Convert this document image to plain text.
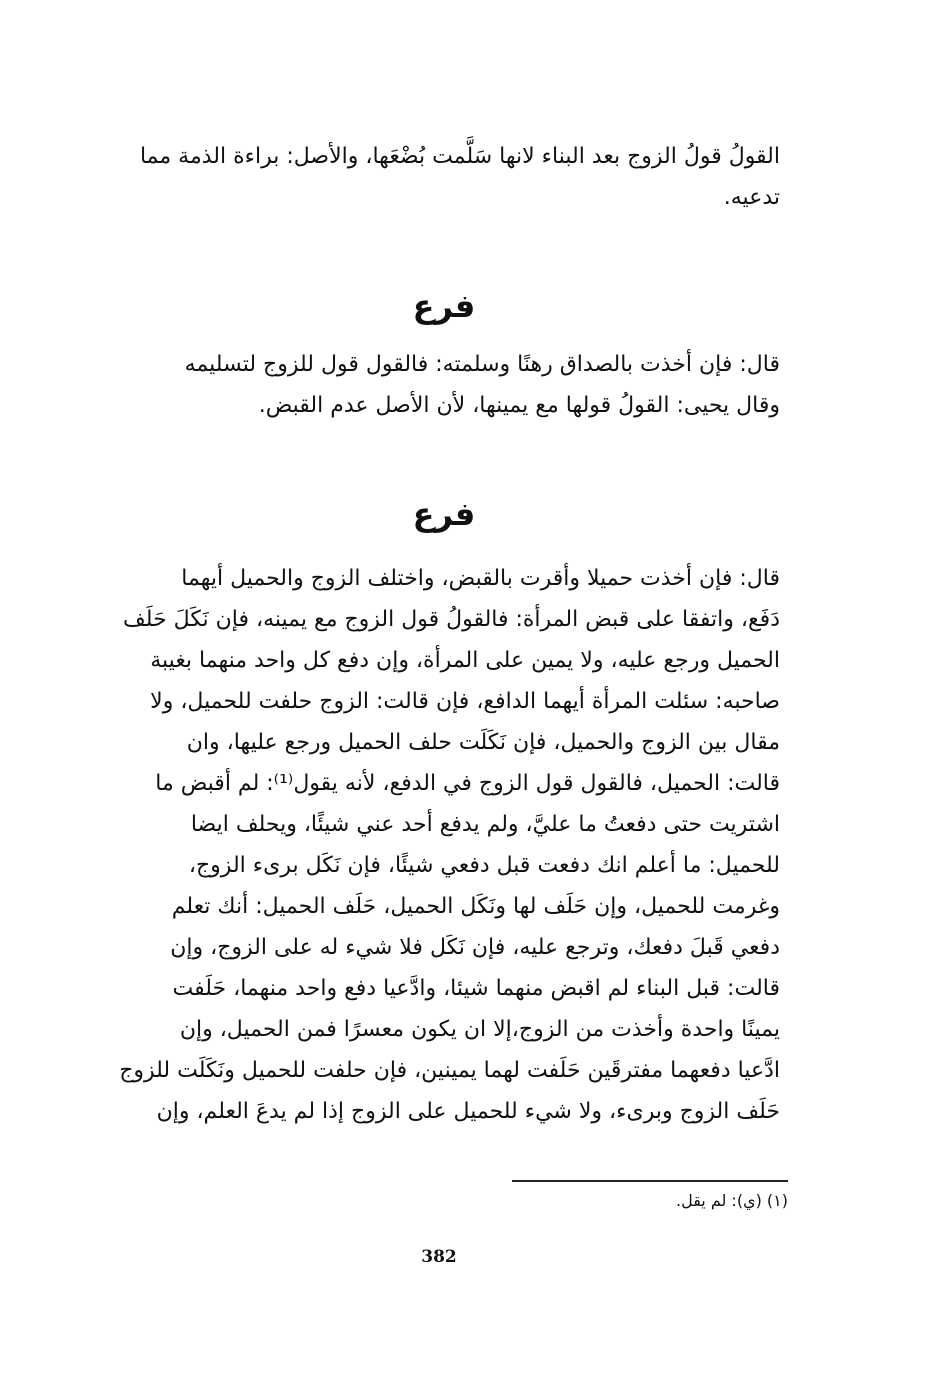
القولُ قولُ الزوج بعد البناء لانها سَلَّمت بُضْعَها، والأصل: براءة الذمة مما
تدعيه.
فرع
قال: فإن أخذت بالصداق رهنًا وسلمته: فالقول قول للزوج لتسليمه
وقال يحيى: القولُ قولها مع يمينها، لأن الأصل عدم القبض.
فرع
قال: فإن أخذت حميلا وأقرت بالقبض، واختلف الزوج والحميل أيهما
دَفَع، واتفقا على قبض المرأة: فالقولُ قول الزوج مع يمينه، فإن نَكَلَ حَلَف
الحميل ورجع عليه، ولا يمين على المرأة، وإن دفع كل واحد منهما بغيبة
صاحبه: سئلت المرأة أيهما الدافع، فإن قالت: الزوج حلفت للحميل، ولا
مقال بين الزوج والحميل، فإن نَكَلَت حلف الحميل ورجع عليها، وان
قالت: الحميل، فالقول قول الزوج في الدفع، لأنه يقول⁽¹⁾: لم أقبض ما
اشتريت حتى دفعتُ ما عليَّ، ولم يدفع أحد عني شيئًا، ويحلف ايضا
للحميل: ما أعلم انك دفعت قبل دفعي شيئًا، فإن نَكَل برىء الزوج،
وغرمت للحميل، وإن حَلَف لها ونَكَل الحميل، حَلَف الحميل: أنك تعلم
دفعي قَبلَ دفعك، وترجع عليه، فإن نَكَل فلا شيء له على الزوج، وإن
قالت: قبل البناء لم اقبض منهما شيئا، وادَّعيا دفع واحد منهما، حَلَفت
يمينًا واحدة وأخذت من الزوج،إلا ان يكون معسرًا فمن الحميل، وإن
ادَّعيا دفعهما مفترقَين حَلَفت لهما يمينين، فإن حلفت للحميل ونَكَلَت للزوج
حَلَف الزوج وبرىء، ولا شيء للحميل على الزوج إذا لم يدعَ العلم، وإن
(١) (ي): لم يقل.
382
